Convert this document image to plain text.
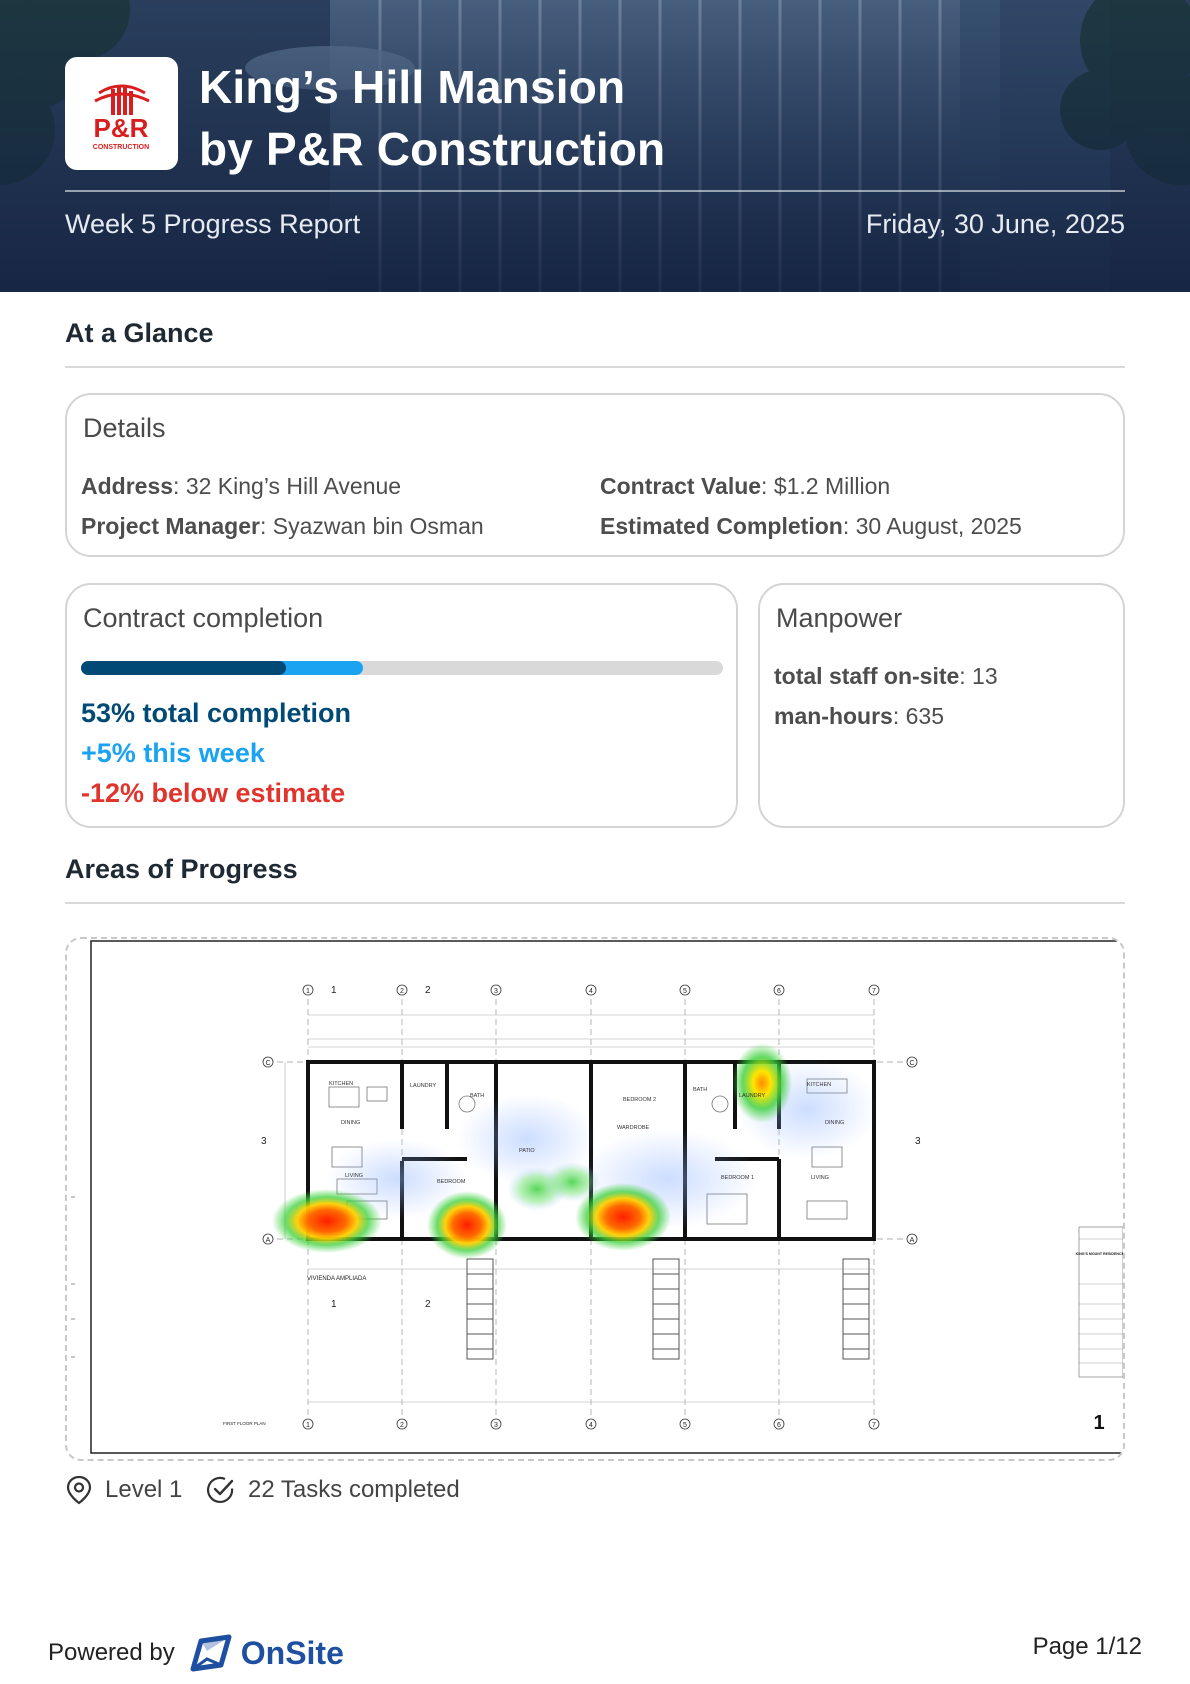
P&R
CONSTRUCTION
King’s Hill Mansion
by P&R Construction
Week 5 Progress Report	Friday, 30 June, 2025
At a Glance
Details
Address: 32 King’s Hill Avenue
Project Manager: Syazwan bin Osman
Contract Value: $1.2 Million
Estimated Completion: 30 August, 2025
Contract completion
53% total completion
+5% this week
-12% below estimate
Manpower
total staff on-site: 13
man-hours: 635
Areas of Progress
KITCHEN	LAUNDRY
BATH
DINING
LIVING
BEDROOM
PATIO
BEDROOM 2
WARDROBE
BATH
LAUNDRY
KITCHEN
DINING
BEDROOM 1	LIVING
1	2	3	4	5	6	7
1	2	3	4	5	6	7
C
A
C
A
1	2
1	2
3	3
VIVIENDA AMPLIADA
FIRST FLOOR PLAN
KING'S MOUNT RESIDENCES
1
Level 1	22 Tasks completed
Powered by OnSite	Page 1/12
